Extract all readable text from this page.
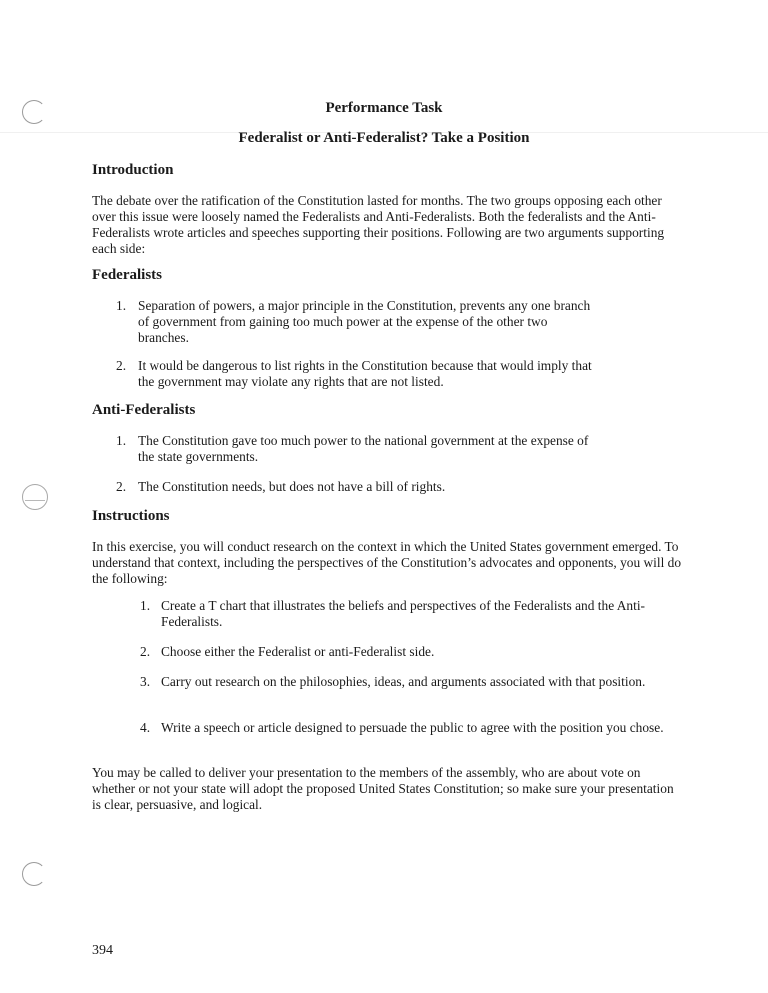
Performance Task
Federalist or Anti-Federalist? Take a Position
Introduction

The debate over the ratification of the Constitution lasted for months. The two groups opposing each other over this issue were loosely named the Federalists and Anti-Federalists. Both the federalists and the Anti-Federalists wrote articles and speeches supporting their positions. Following are two arguments supporting each side:

Federalists
1. Separation of powers, a major principle in the Constitution, prevents any one branch of government from gaining too much power at the expense of the other two branches.
2. It would be dangerous to list rights in the Constitution because that would imply that the government may violate any rights that are not listed.
Anti-Federalists
1. The Constitution gave too much power to the national government at the expense of the state governments.
2. The Constitution needs, but does not have a bill of rights.
Instructions

In this exercise, you will conduct research on the context in which the United States government emerged. To understand that context, including the perspectives of the Constitution’s advocates and opponents, you will do the following:

1. Create a T chart that illustrates the beliefs and perspectives of the Federalists and the Anti-Federalists.
2. Choose either the Federalist or anti-Federalist side.
3. Carry out research on the philosophies, ideas, and arguments associated with that position.
4. Write a speech or article designed to persuade the public to agree with the position you chose.

You may be called to deliver your presentation to the members of the assembly, who are about vote on whether or not your state will adopt the proposed United States Constitution; so make sure your presentation is clear, persuasive, and logical.

394
